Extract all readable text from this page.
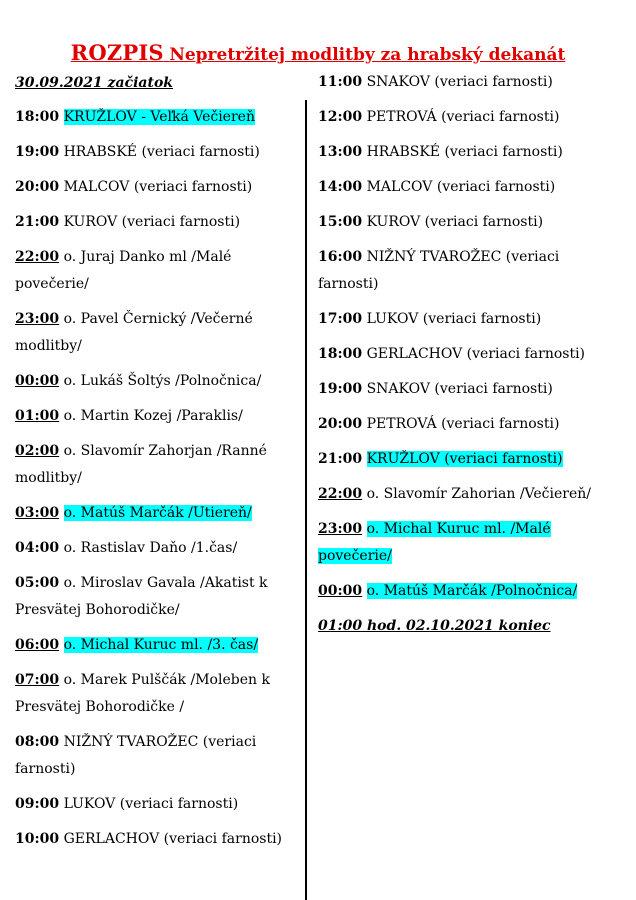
ROZPIS Nepretržitej modlitby za hrabský dekanát
30.09.2021 začiatok
18:00 KRUŽLOV - Veľká Večiereň
19:00 HRABSKÉ (veriaci farnosti)
20:00 MALCOV (veriaci farnosti)
21:00 KUROV (veriaci farnosti)
22:00 o. Juraj Danko ml /Malé povečerie/
23:00 o. Pavel Černický /Večerné modlitby/
00:00 o. Lukáš Šoltýs /Polnočnica/
01:00 o. Martin Kozej /Paraklis/
02:00 o. Slavomír Zahorjan /Ranné modlitby/
03:00 o. Matúš Marčák /Utiereň/
04:00 o. Rastislav Daňo /1.čas/
05:00 o. Miroslav Gavala /Akatist k Presvätej Bohorodičke/
06:00 o. Michal Kuruc ml. /3. čas/
07:00 o. Marek Pulščák /Moleben k Presvätej Bohorodičke /
08:00 NIŽNÝ TVAROŽEC (veriaci farnosti)
09:00 LUKOV (veriaci farnosti)
10:00 GERLACHOV (veriaci farnosti)
11:00 SNAKOV (veriaci farnosti)
12:00 PETROVÁ (veriaci farnosti)
13:00 HRABSKÉ (veriaci farnosti)
14:00 MALCOV (veriaci farnosti)
15:00 KUROV (veriaci farnosti)
16:00 NIŽNÝ TVAROŽEC (veriaci farnosti)
17:00 LUKOV (veriaci farnosti)
18:00 GERLACHOV (veriaci farnosti)
19:00 SNAKOV (veriaci farnosti)
20:00 PETROVÁ (veriaci farnosti)
21:00 KRUŽLOV (veriaci farnosti)
22:00 o. Slavomír Zahorian /Večiereň/
23:00 o. Michal Kuruc ml. /Malé povečerie/
00:00 o. Matúš Marčák /Polnočnica/
01:00 hod. 02.10.2021 koniec
